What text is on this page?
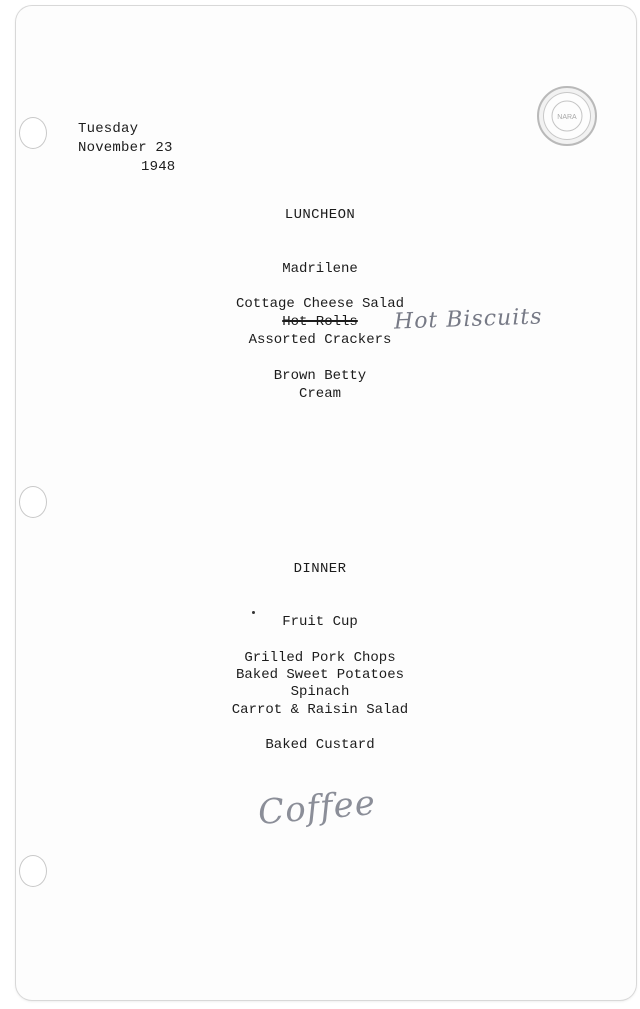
NARA
Tuesday
November 23
1948
LUNCHEON
Madrilene
Cottage Cheese Salad
Hot Rolls
Assorted Crackers
Brown Betty
Cream
Hot Biscuits
DINNER
Fruit Cup
Grilled Pork Chops
Baked Sweet Potatoes
Spinach
Carrot & Raisin Salad
Baked Custard
Coffee
